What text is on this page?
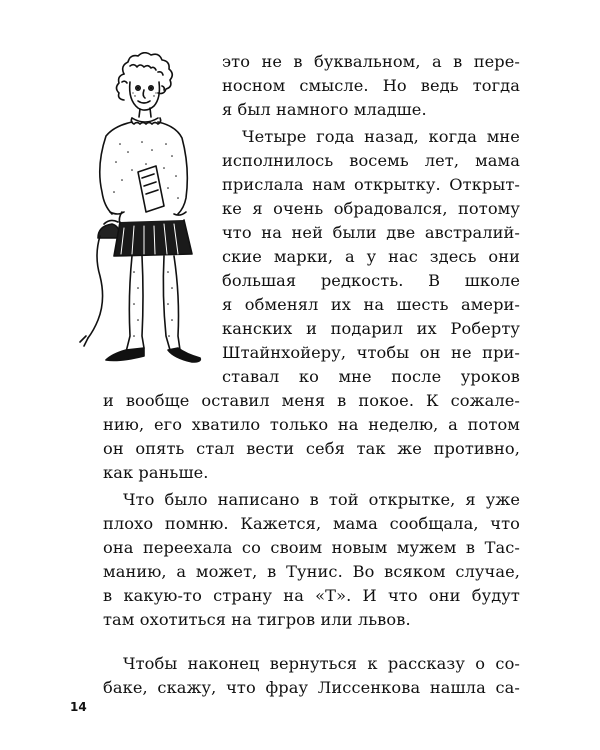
это не в буквальном, а в пере-
носном смысле. Но ведь тогда
я был намного младше.
Четыре года назад, когда мне
исполнилось восемь лет, мама
прислала нам открытку. Открыт-
ке я очень обрадовался, потому
что на ней были две австралий-
ские марки, а у нас здесь они
большая редкость. В школе
я обменял их на шесть амери-
канских и подарил их Роберту
Штайнхойеру, чтобы он не при-
ставал ко мне после уроков
и вообще оставил меня в покое. К сожале-
нию, его хватило только на неделю, а потом
он опять стал вести себя так же противно,
как раньше.
Что было написано в той открытке, я уже
плохо помню. Кажется, мама сообщала, что
она переехала со своим новым мужем в Тас-
манию, а может, в Тунис. Во всяком случае,
в какую-то страну на «Т». И что они будут
там охотиться на тигров или львов.
Чтобы наконец вернуться к рассказу о со-
баке, скажу, что фрау Лиссенкова нашла са-
14
